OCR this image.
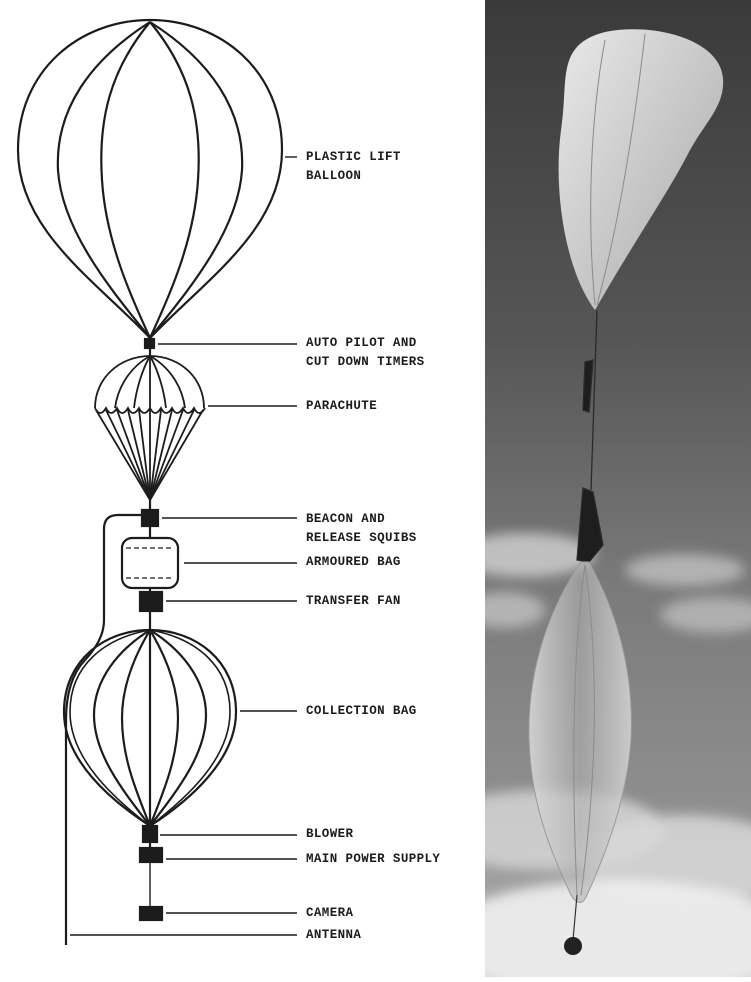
PLASTIC LIFT
BALLOON
AUTO PILOT AND
CUT DOWN TIMERS
PARACHUTE
BEACON AND
RELEASE SQUIBS
ARMOURED BAG
TRANSFER FAN
COLLECTION BAG
BLOWER
MAIN POWER SUPPLY
CAMERA
ANTENNA
